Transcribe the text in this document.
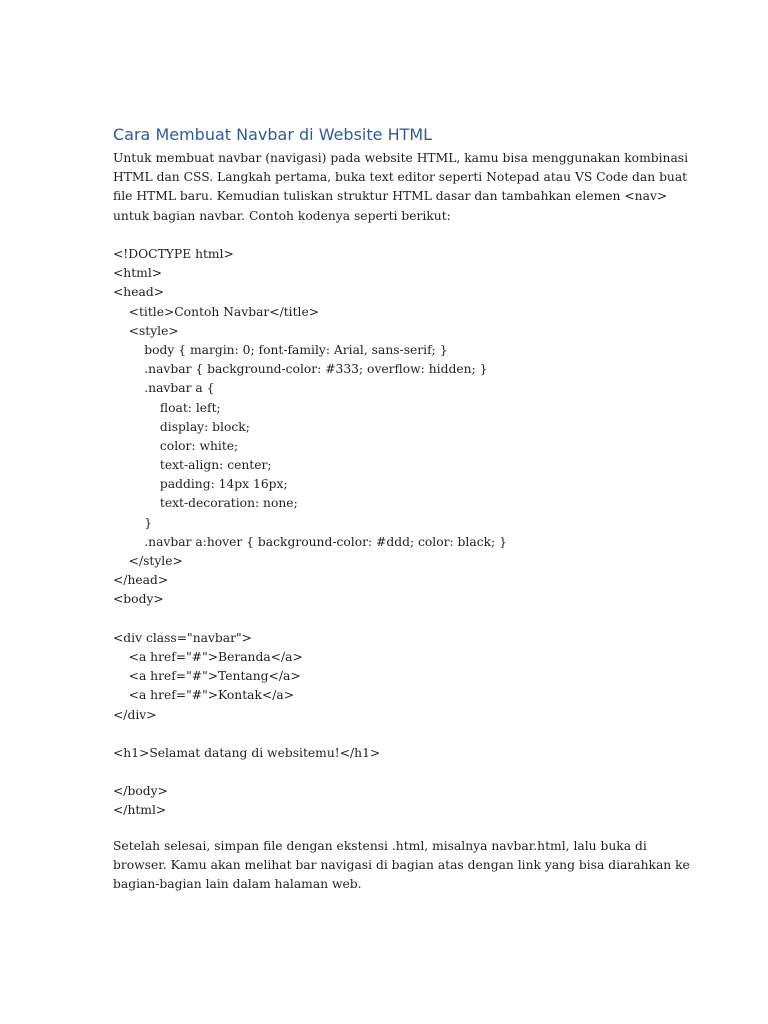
Cara Membuat Navbar di Website HTML
Untuk membuat navbar (navigasi) pada website HTML, kamu bisa menggunakan kombinasi
HTML dan CSS. Langkah pertama, buka text editor seperti Notepad atau VS Code dan buat
file HTML baru. Kemudian tuliskan struktur HTML dasar dan tambahkan elemen <nav>
untuk bagian navbar. Contoh kodenya seperti berikut:
<!DOCTYPE html>
<html>
<head>
<title>Contoh Navbar</title>
<style>
body { margin: 0; font-family: Arial, sans-serif; }
.navbar { background-color: #333; overflow: hidden; }
.navbar a {
float: left;
display: block;
color: white;
text-align: center;
padding: 14px 16px;
text-decoration: none;
}
.navbar a:hover { background-color: #ddd; color: black; }
</style>
</head>
<body>
<div class="navbar">
<a href="#">Beranda</a>
<a href="#">Tentang</a>
<a href="#">Kontak</a>
</div>
<h1>Selamat datang di websitemu!</h1>
</body>
</html>
Setelah selesai, simpan file dengan ekstensi .html, misalnya navbar.html, lalu buka di
browser. Kamu akan melihat bar navigasi di bagian atas dengan link yang bisa diarahkan ke
bagian-bagian lain dalam halaman web.
